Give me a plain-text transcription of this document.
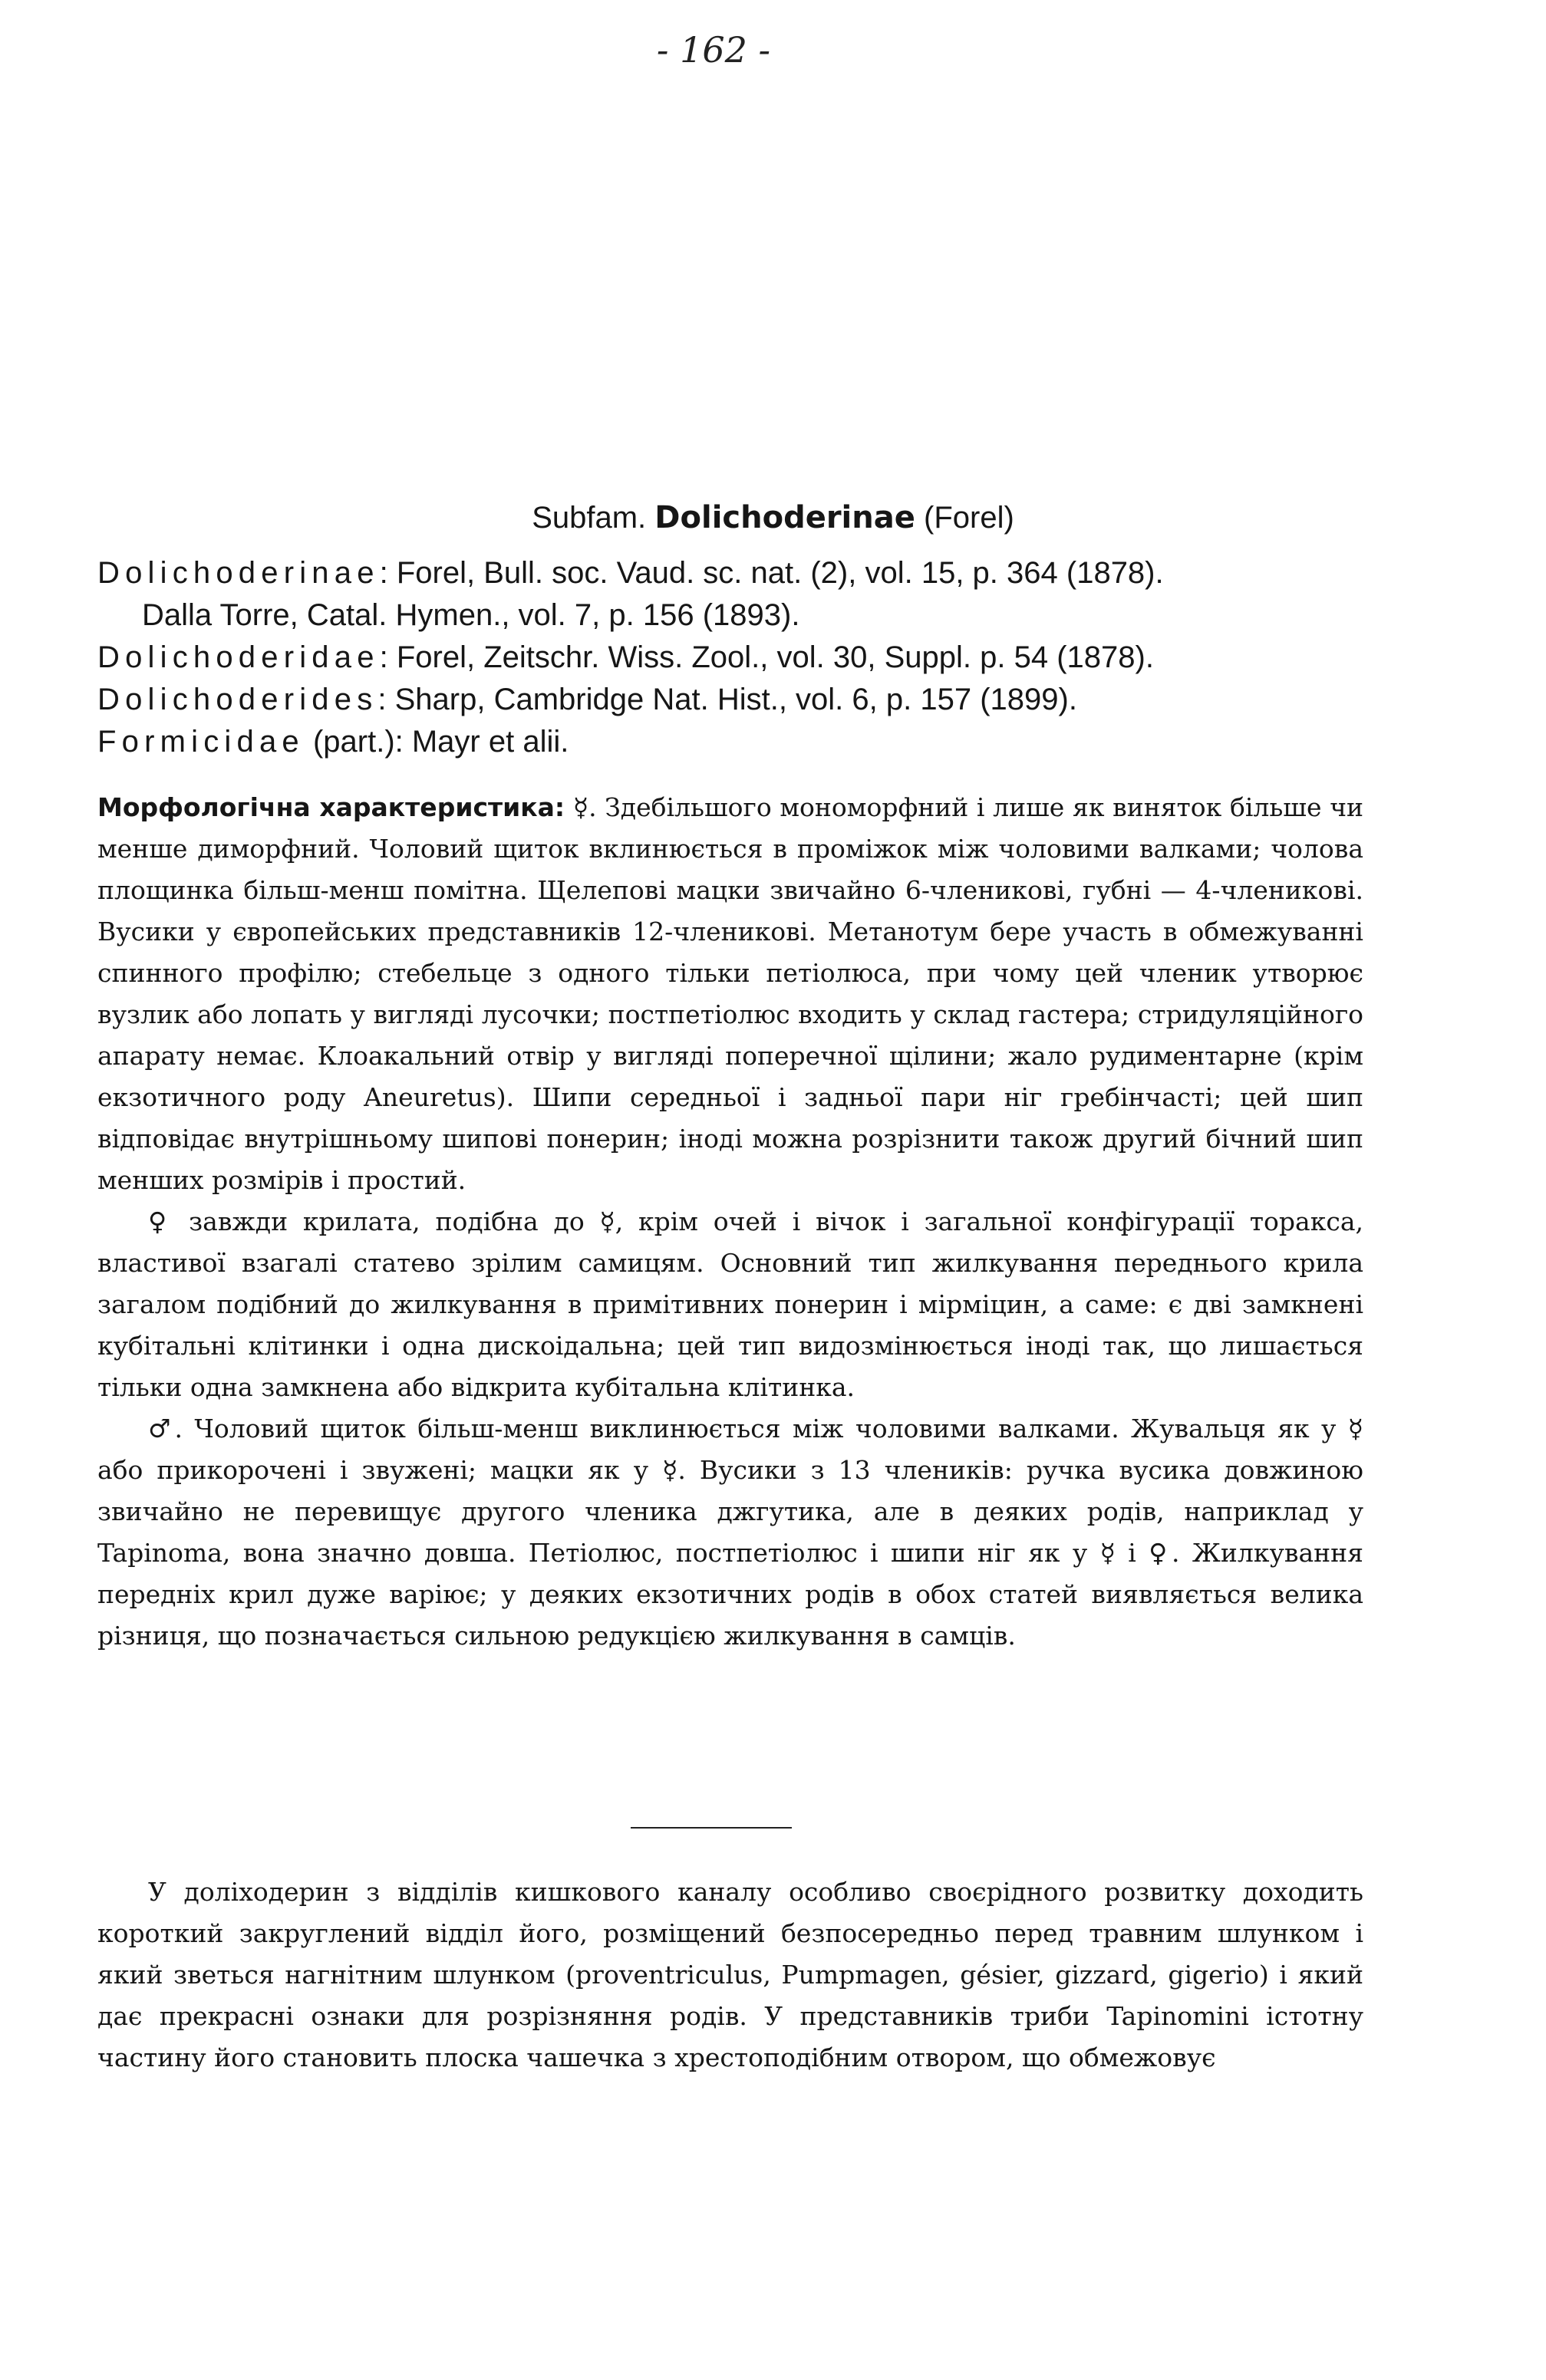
- 162 -
Subfam. Dolichoderinae (Forel)
Dolichoderinae: Forel, Bull. soc. Vaud. sc. nat. (2), vol. 15, p. 364 (1878).
Dalla Torre, Catal. Hymen., vol. 7, p. 156 (1893).
Dolichoderidae: Forel, Zeitschr. Wiss. Zool., vol. 30, Suppl. p. 54 (1878).
Dolichoderides: Sharp, Cambridge Nat. Hist., vol. 6, p. 157 (1899).
Formicidae (part.): Mayr et alii.

Морфологічна характеристика: ☿. Здебільшого мономорфний і лише як виняток більше чи менше диморфний. Чоловий щиток вклинюється в проміжок між чоловими валками; чолова площинка більш-менш помітна. Щелепові мацки звичайно 6-членикові, губні — 4-членикові. Вусики у європейських представників 12-членикові. Метанотум бере участь в обмежуванні спинного профілю; стебельце з одного тільки петіолюса, при чому цей членик утворює вузлик або лопать у вигляді лусочки; постпетіолюс входить у склад гастера; стридуляційного апарату немає. Клоакальний отвір у вигляді поперечної щілини; жало рудиментарне (крім екзотичного роду Aneuretus). Шипи середньої і задньої пари ніг гребінчасті; цей шип відповідає внутрішньому шипові понерин; іноді можна розрізнити також другий бічний шип менших розмірів і простий.

♀ завжди крилата, подібна до ☿, крім очей і вічок і загальної конфігурації торакса, властивої взагалі статево зрілим самицям. Основний тип жилкування переднього крила загалом подібний до жилкування в примітивних понерин і мірміцин, а саме: є дві замкнені кубітальні клітинки і одна дискоідальна; цей тип видозмінюється іноді так, що лишається тільки одна замкнена або відкрита кубітальна клітинка.

♂. Чоловий щиток більш-менш виклинюється між чоловими валками. Жувальця як у ☿ або прикорочені і звужені; мацки як у ☿. Вусики з 13 члеників: ручка вусика довжиною звичайно не перевищує другого членика джгутика, але в деяких родів, наприклад у Tapinoma, вона значно довша. Петіолюс, постпетіолюс і шипи ніг як у ☿ і ♀. Жилкування передніх крил дуже варіює; у деяких екзотичних родів в обох статей виявляється велика різниця, що позначається сильною редукцією жилкування в самців.

У доліходерин з відділів кишкового каналу особливо своєрідного розвитку доходить короткий закруглений відділ його, розміщений безпосередньо перед травним шлунком і який зветься нагнітним шлунком (proventriculus, Pumpmagen, gésier, gizzard, gigerio) і який дає прекрасні ознаки для розрізняння родів. У представників триби Tapinomini істотну частину його становить плоска чашечка з хрестоподібним отвором, що обмежовує
